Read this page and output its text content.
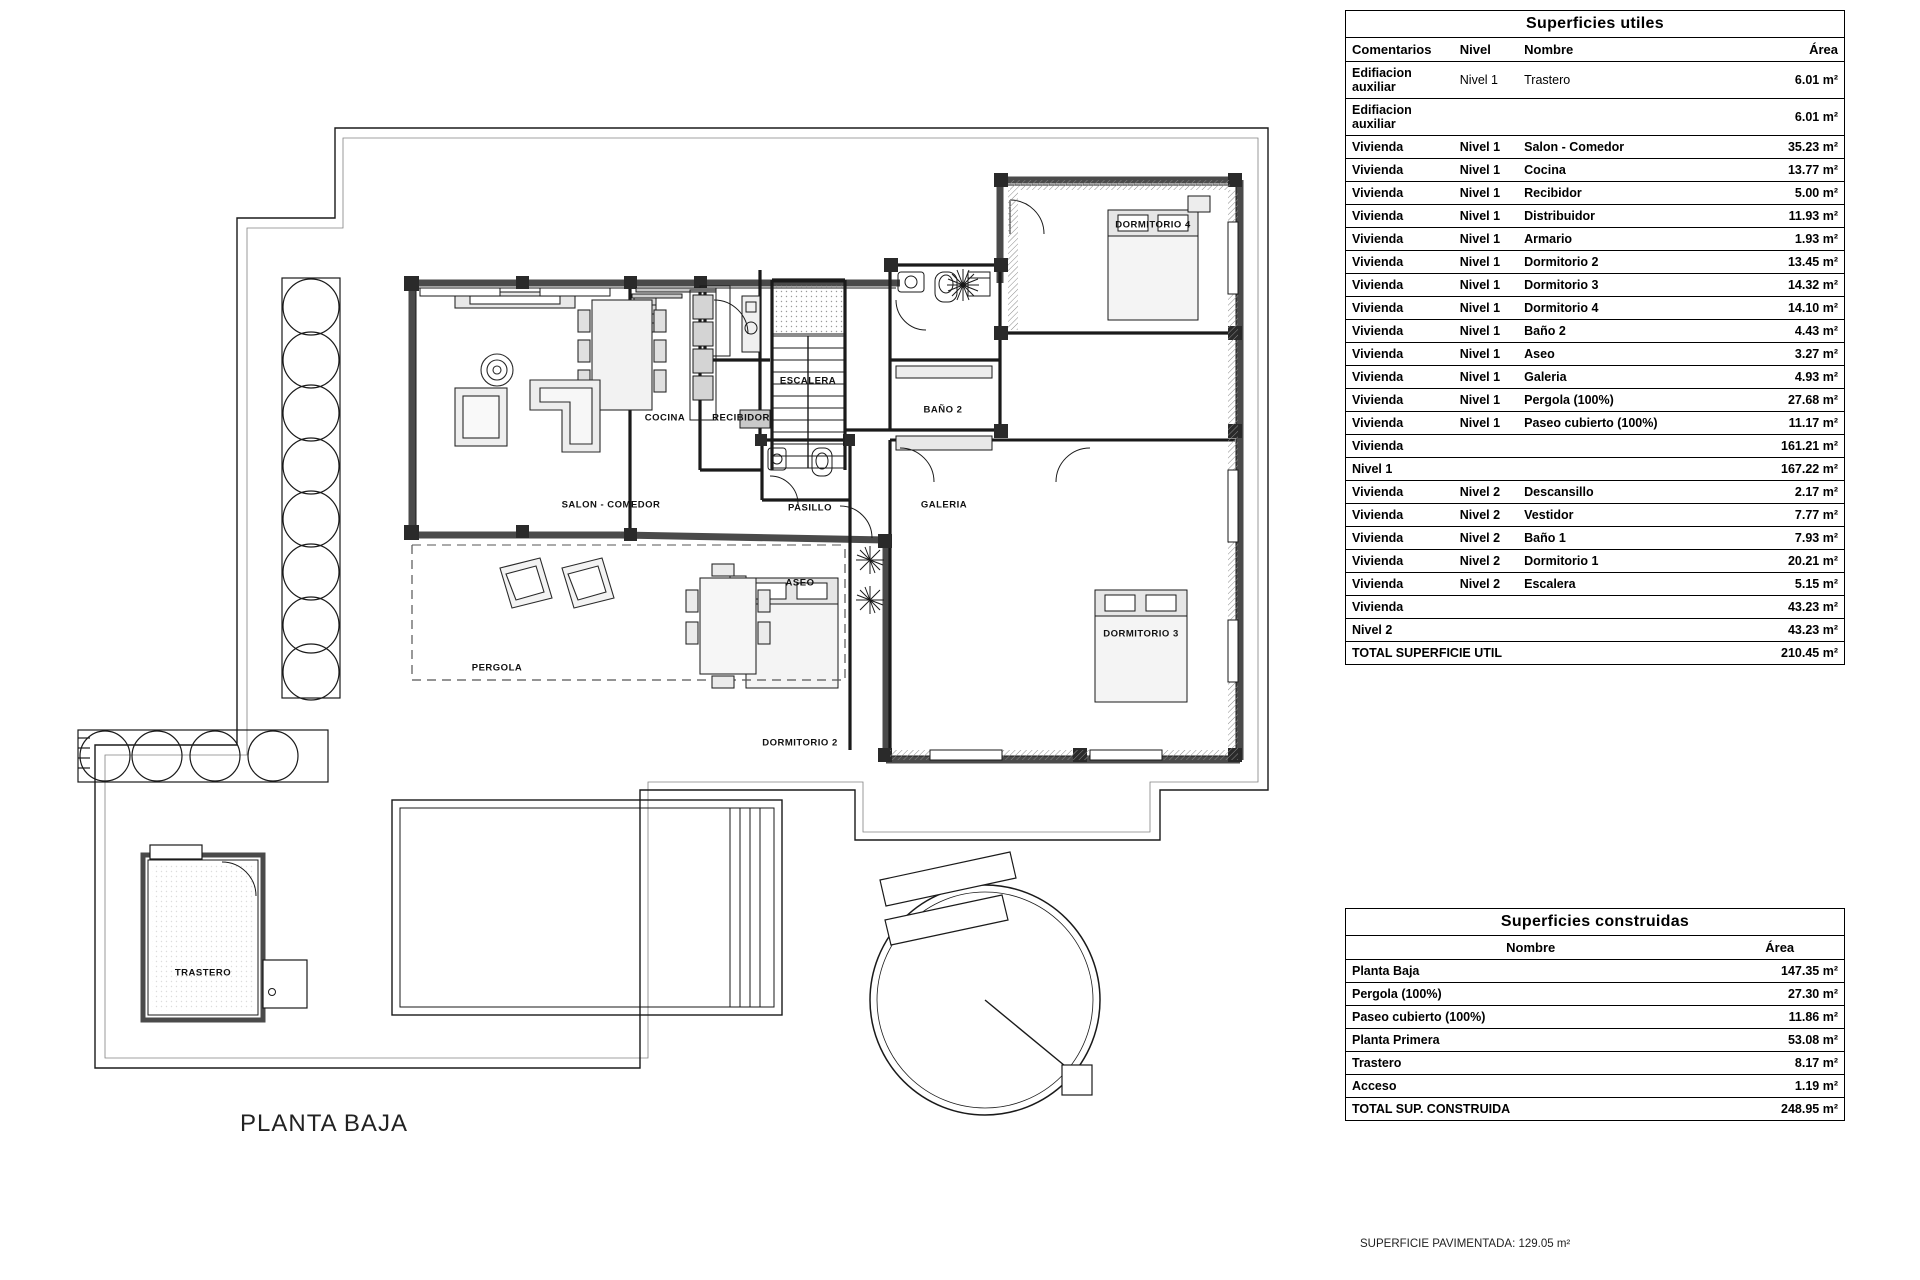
DORMITORIO 4
COCINA	RECIBIDOR
ESCALERA
BAÑO 2
SALON - COMEDOR	PASILLO	GALERIA
ASEO
DORMITORIO 3
PERGOLA
DORMITORIO 2
TRASTERO
PLANTA BAJA
Superficies utiles			
Comentarios	Nivel	Nombre	Área
Edifiacion auxiliar	Nivel 1	Trastero	6.01 m²
Edifiacion auxiliar			6.01 m²
Vivienda	Nivel 1	Salon - Comedor	35.23 m²
Vivienda	Nivel 1	Cocina	13.77 m²
Vivienda	Nivel 1	Recibidor	5.00 m²
Vivienda	Nivel 1	Distribuidor	11.93 m²
Vivienda	Nivel 1	Armario	1.93 m²
Vivienda	Nivel 1	Dormitorio 2	13.45 m²
Vivienda	Nivel 1	Dormitorio 3	14.32 m²
Vivienda	Nivel 1	Dormitorio 4	14.10 m²
Vivienda	Nivel 1	Baño 2	4.43 m²
Vivienda	Nivel 1	Aseo	3.27 m²
Vivienda	Nivel 1	Galeria	4.93 m²
Vivienda	Nivel 1	Pergola (100%)	27.68 m²
Vivienda	Nivel 1	Paseo cubierto (100%)	11.17 m²
Vivienda			161.21 m²
Nivel 1			167.22 m²
Vivienda	Nivel 2	Descansillo	2.17 m²
Vivienda	Nivel 2	Vestidor	7.77 m²
Vivienda	Nivel 2	Baño 1	7.93 m²
Vivienda	Nivel 2	Dormitorio 1	20.21 m²
Vivienda	Nivel 2	Escalera	5.15 m²
Vivienda			43.23 m²
Nivel 2			43.23 m²
TOTAL SUPERFICIE UTIL			210.45 m²
Superficies construidas	
Nombre	Área
Planta Baja	147.35 m²
Pergola (100%)	27.30 m²
Paseo cubierto (100%)	11.86 m²
Planta Primera	53.08 m²
Trastero	8.17 m²
Acceso	1.19 m²
TOTAL SUP. CONSTRUIDA	248.95 m²
SUPERFICIE PAVIMENTADA: 129.05 m²
